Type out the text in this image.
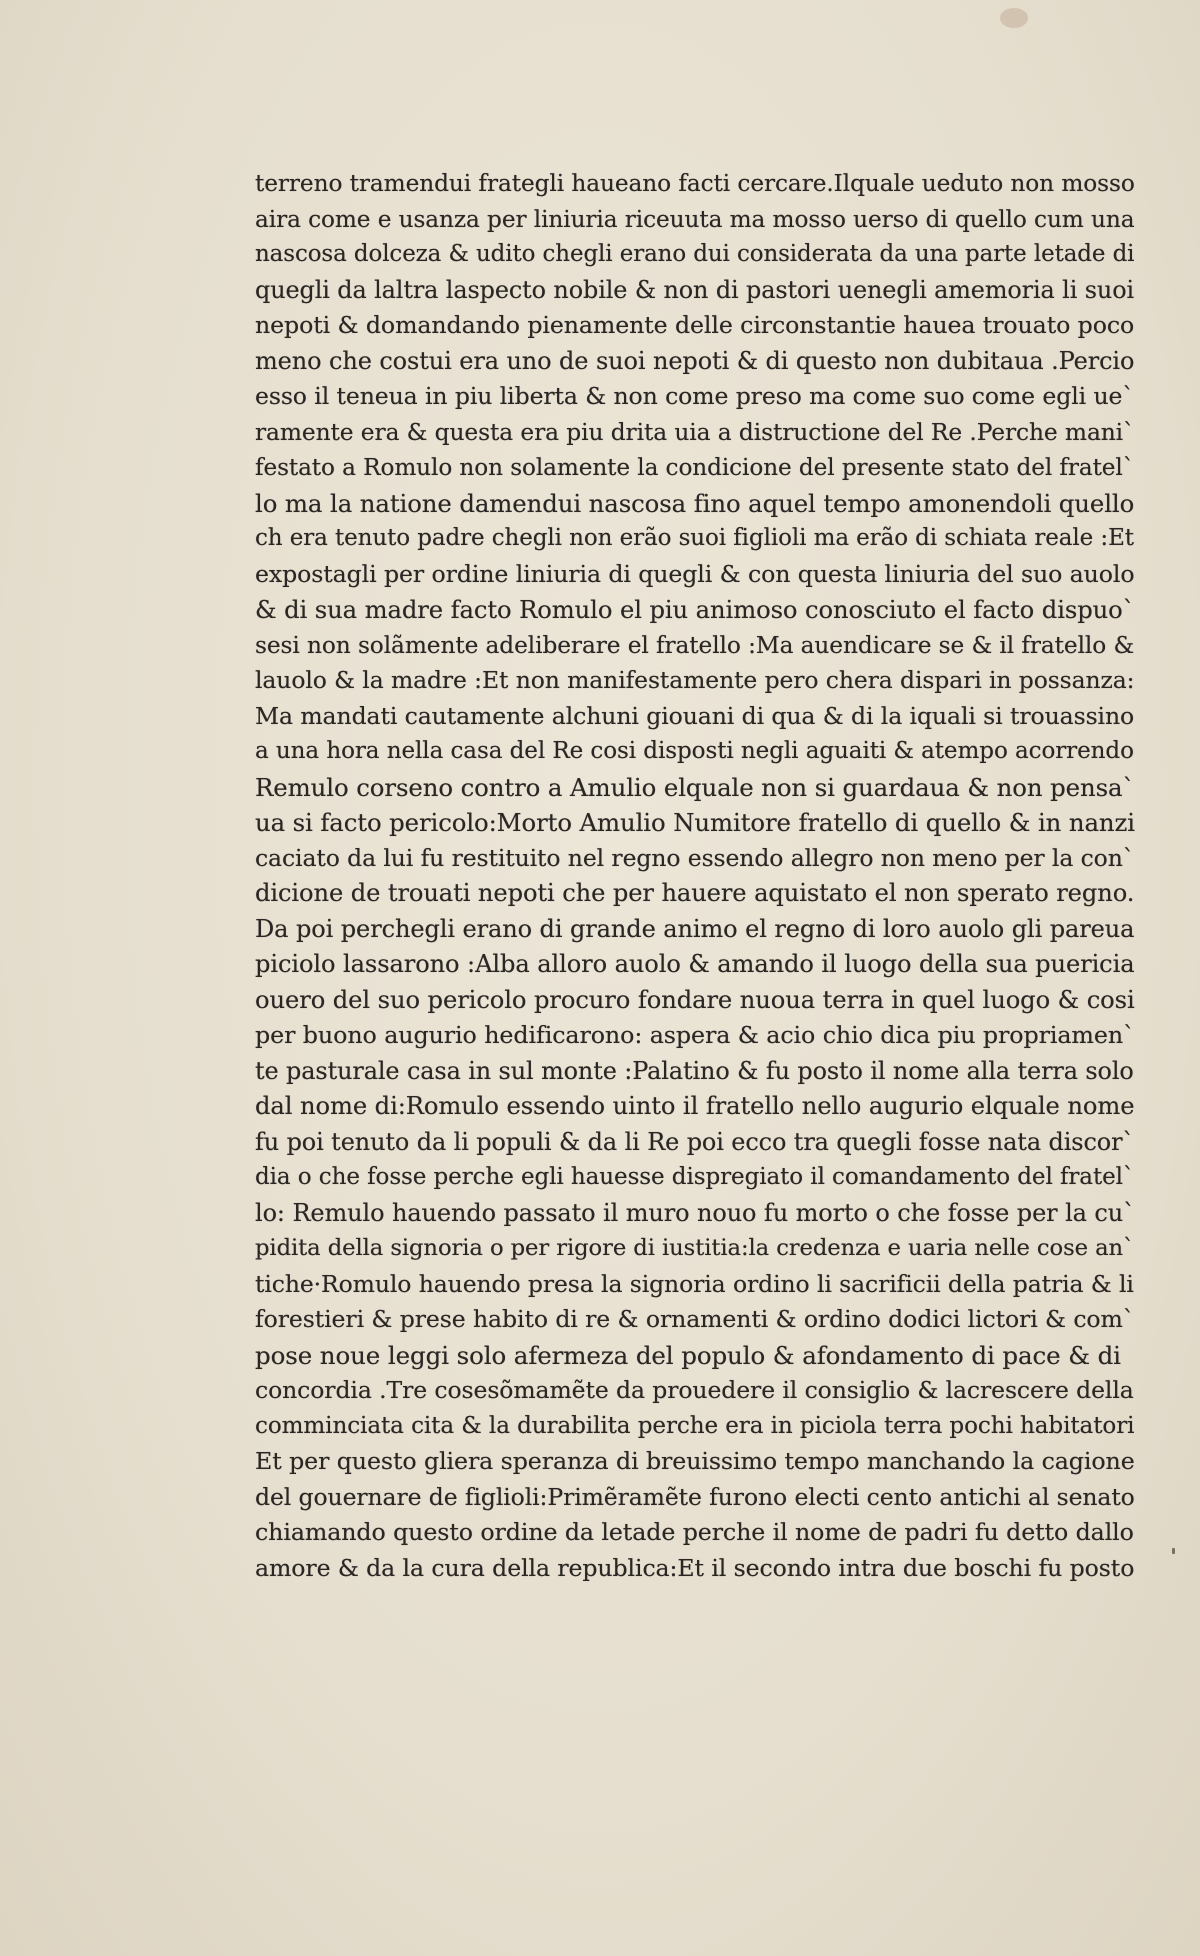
terreno tramendui frategli haueano facti cercare.Ilquale ueduto non mosso
aira come e usanza per liniuria riceuuta ma mosso uerso di quello cum una
nascosa dolceza & udito chegli erano dui considerata da una parte letade di
quegli da laltra laspecto nobile & non di pastori uenegli amemoria li suoi
nepoti & domandando pienamente delle circonstantie hauea trouato poco
meno che costui era uno de suoi nepoti & di questo non dubitaua .Percio
esso il teneua in piu liberta & non come preso ma come suo come egli ue`
ramente era & questa era piu drita uia a distructione del Re .Perche mani`
festato a Romulo non solamente la condicione del presente stato del fratel`
lo ma la natione damendui nascosa fino aquel tempo amonendoli quello
ch era tenuto padre chegli non erão suoi figlioli ma erão di schiata reale :Et
expostagli per ordine liniuria di quegli & con questa liniuria del suo auolo
& di sua madre facto Romulo el piu animoso conosciuto el facto dispuo`
sesi non solãmente adeliberare el fratello :Ma auendicare se & il fratello &
lauolo & la madre :Et non manifestamente pero chera dispari in possanza:
Ma mandati cautamente alchuni giouani di qua & di la iquali si trouassino
a una hora nella casa del Re cosi disposti negli aguaiti & atempo acorrendo
Remulo corseno contro a Amulio elquale non si guardaua & non pensa`
ua si facto pericolo:Morto Amulio Numitore fratello di quello & in nanzi
caciato da lui fu restituito nel regno essendo allegro non meno per la con`
dicione de trouati nepoti che per hauere aquistato el non sperato regno.
Da poi perchegli erano di grande animo el regno di loro auolo gli pareua
piciolo lassarono :Alba alloro auolo & amando il luogo della sua puericia
ouero del suo pericolo procuro fondare nuoua terra in quel luogo & cosi
per buono augurio hedificarono: aspera & acio chio dica piu propriamen`
te pasturale casa in sul monte :Palatino & fu posto il nome alla terra solo
dal nome di:Romulo essendo uinto il fratello nello augurio elquale nome
fu poi tenuto da li populi & da li Re poi ecco tra quegli fosse nata discor`
dia o che fosse perche egli hauesse dispregiato il comandamento del fratel`
lo: Remulo hauendo passato il muro nouo fu morto o che fosse per la cu`
pidita della signoria o per rigore di iustitia:la credenza e uaria nelle cose an`
tiche·Romulo hauendo presa la signoria ordino li sacrificii della patria & li
forestieri & prese habito di re & ornamenti & ordino dodici lictori & com`
pose noue leggi solo afermeza del populo & afondamento di pace & di
concordia .Tre cosesõmamẽte da prouedere il consiglio & lacrescere della
comminciata cita & la durabilita perche era in piciola terra pochi habitatori
Et per questo gliera speranza di breuissimo tempo manchando la cagione
del gouernare de figlioli:Primẽramẽte furono electi cento antichi al senato
chiamando questo ordine da letade perche il nome de padri fu detto dallo
amore & da la cura della republica:Et il secondo intra due boschi fu posto
